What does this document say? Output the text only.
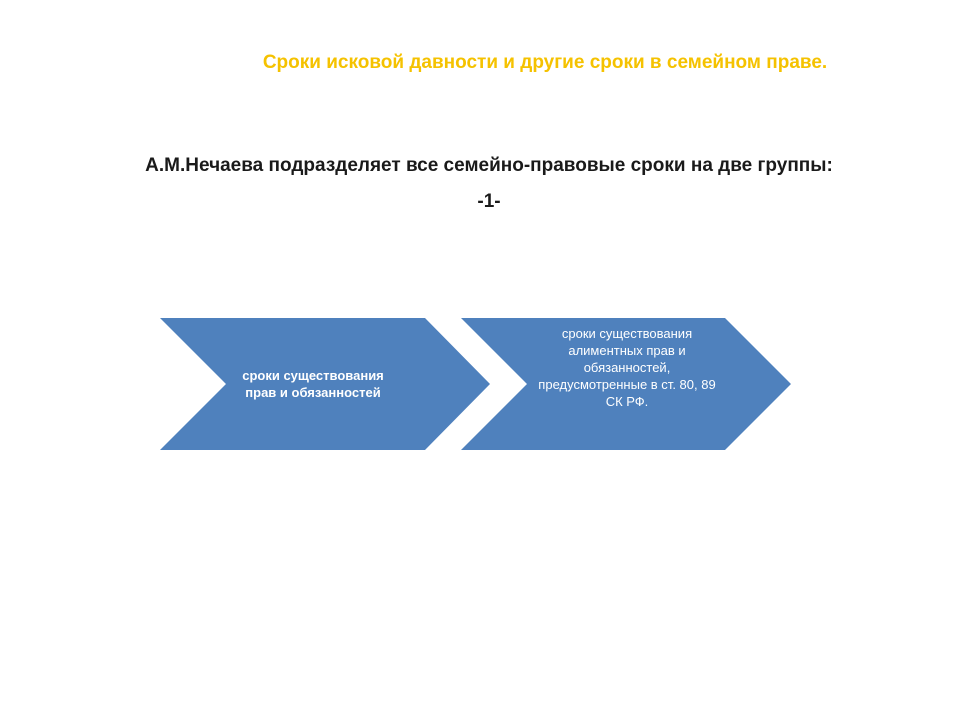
Сроки исковой давности и другие сроки в семейном праве.
А.М.Нечаева подразделяет все семейно-правовые сроки на две группы:
-1-
сроки существования прав и обязанностей
сроки существования алиментных прав и обязанностей, предусмотренные в ст. 80, 89 СК РФ.
